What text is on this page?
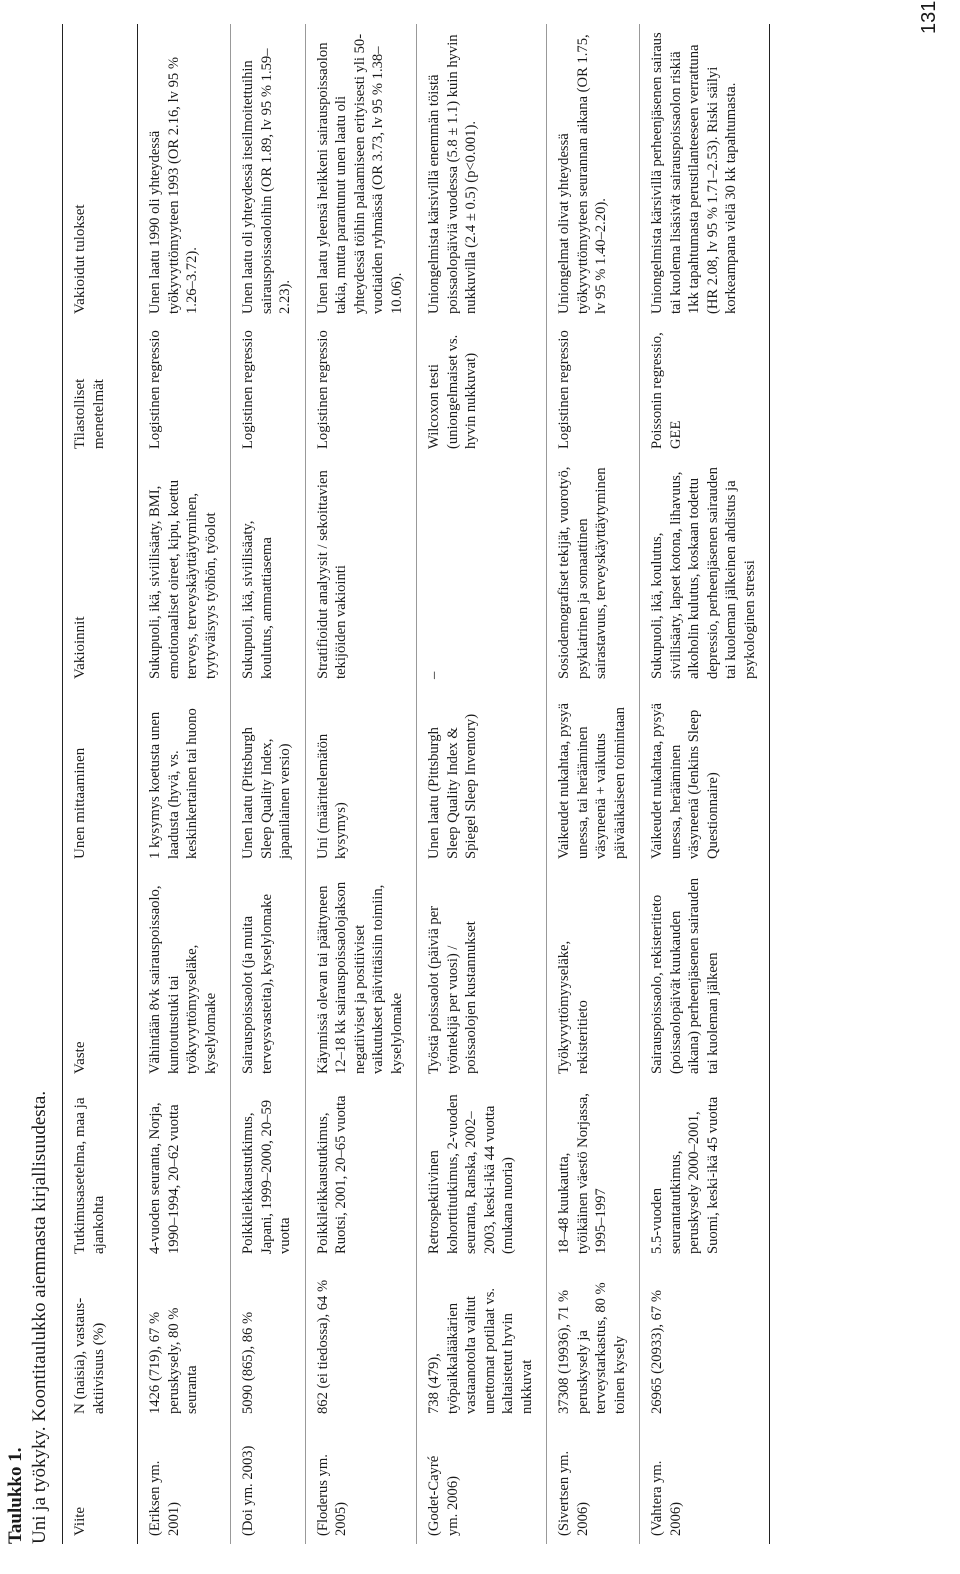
Taulukko 1. Uni ja työkyky. Koontitaulukko aiemmasta kirjallisuudesta. Viite	N (naisia), vastausaktiivisuus (%)	Tutkimusasetelma, maa ja ajankohta	Vaste	Unen mittaaminen	Vakioinnit	Tilastolliset menetelmät	Vakioidut tulokset
(Eriksen ym. 2001)	1426 (719), 67 % peruskysely, 80 % seuranta	4-vuoden seuranta, Norja, 1990–1994, 20–62 vuotta	Vähintään 8vk sairauspoissaolo, kuntoutustuki tai työkyvyttömyyseläke, kyselylomake	1 kysymys koetusta unen laadusta (hyvä, vs. keskinkertainen tai huono	Sukupuoli, ikä, siviilisäaty, BMI, emotionaaliset oireet, kipu, koettu terveys, terveyskäyttäytyminen, tyytyväisyys työhön, työolot	Logistinen regressio	Unen laatu 1990 oli yhteydessä työkyvyttömyyteen 1993 (OR 2.16, lv 95 % 1.26–3.72).
(Doi ym. 2003)	5090 (865), 86 %	Poikkileikkaustutkimus, Japani, 1999–2000, 20–59 vuotta	Sairauspoissaolot (ja muita terveysvasteita), kyselylomake	Unen laatu (Pittsburgh Sleep Quality Index, japanilainen versio)	Sukupuoli, ikä, siviilisäaty, koulutus, ammattiasema	Logistinen regressio	Unen laatu oli yhteydessä itseilmoitettuihin sairauspoissaoloihin (OR 1.89, lv 95 % 1.59–2.23).
(Floderus ym. 2005)	862 (ei tiedossa), 64 %	Poikkileikkaustutkimus, Ruotsi, 2001, 20–65 vuotta	Käynnissä olevan tai päättyneen 12–18 kk sairauspoissaolojakson negatiiviset ja positiiviset vaikutukset päivittäisiin toimiin, kyselylomake	Uni (määrittelemätön kysymys)	Stratifioidut analyysit / sekoittavien tekijöiden vakiointi	Logistinen regressio	Unen laatu yleensä heikkeni sairauspoissaolon takia, mutta parantunut unen laatu oli yhteydessä töihin palaamiseen erityisesti yli 50-vuotiaiden ryhmässä (OR 3.73, lv 95 % 1.38–10.06).
(Godet-Cayré ym. 2006)	738 (479), työpaikkalääkärien vastaanotolta valitut unettomat potilaat vs. kaltaistetut hyvin nukkuvat	Retrospektiivinen kohorttitutkimus, 2-vuoden seuranta, Ranska, 2002–2003, keski-ikä 44 vuotta (mukana nuoria)	Työstä poissaolot (päiviä per työntekijä per vuosi) / poissaolojen kustannukset	Unen laatu (Pittsburgh Sleep Quality Index & Spiegel Sleep Inventory)	–	Wilcoxon testi (uniongelmaiset vs. hyvin nukkuvat)	Uniongelmista kärsivillä enemmän töistä poissaolopäiviä vuodessa (5.8 ± 1.1) kuin hyvin nukkuvilla (2.4 ± 0.5) (p<0.001).
(Sivertsen ym. 2006)	37308 (19936), 71 % peruskysely ja terveystarkastus, 80 % toinen kysely	18–48 kuukautta, työikäinen väestö Norjassa, 1995–1997	Työkyvyttömyyseläke, rekisteritieto	Vaikeudet nukahtaa, pysyä unessa, tai herääminen väsyneenä + vaikutus päiväaikaiseen toimintaan	Sosiodemografiset tekijät, vuorotyö, psykiatrinen ja somaattinen sairastavuus, terveyskäyttäytyminen	Logistinen regressio	Uniongelmat olivat yhteydessä työkyvyttömyyteen seurannan aikana (OR 1.75, lv 95 % 1.40–2.20).
(Vahtera ym. 2006)	26965 (20933), 67 %	5.5-vuoden seurantatutkimus, peruskysely 2000–2001, Suomi, keski-ikä 45 vuotta	Sairauspoissaolo, rekisteritieto (poissaolopäivät kuukauden aikana) perheenjäsenen sairauden tai kuoleman jälkeen	Vaikeudet nukahtaa, pysyä unessa, herääminen väsyneenä (Jenkins Sleep Questionnaire)	Sukupuoli, ikä, koulutus, siviilisäaty, lapset kotona, lihavuus, alkoholin kulutus, koskaan todettu depressio, perheenjäsenen sairauden tai kuoleman jälkeinen ahdistus ja psykologinen stressi	Poissonin regressio, GEE	Uniongelmista kärsivillä perheenjäsenen sairaus tai kuolema lisäsivät sairauspoissaolon riskiä 1kk tapahtumasta perustilanteeseen verrattuna (HR 2.08, lv 95 % 1.71–2.53). Riski säilyi korkeampana vielä 30 kk tapahtumasta.
131
